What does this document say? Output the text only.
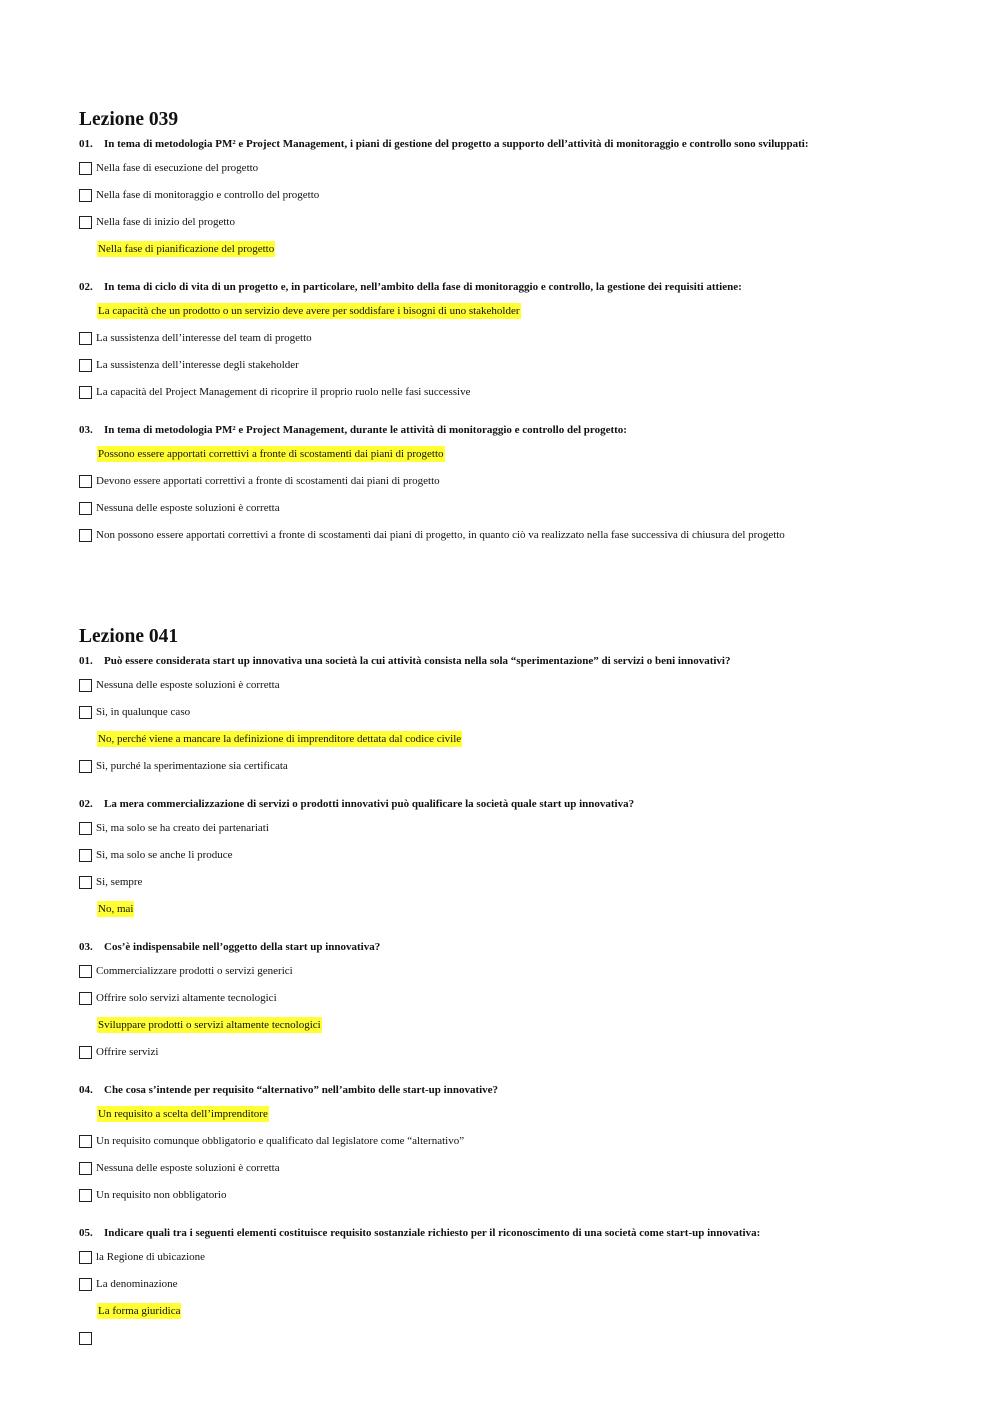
Lezione 039

01. In tema di metodologia PM² e Project Management, i piani di gestione del progetto a supporto dell’attività di monitoraggio e controllo sono sviluppati:

Nella fase di esecuzione del progetto
Nella fase di monitoraggio e controllo del progetto
Nella fase di inizio del progetto
Nella fase di pianificazione del progetto

02. In tema di ciclo di vita di un progetto e, in particolare, nell’ambito della fase di monitoraggio e controllo, la gestione dei requisiti attiene:

La capacità che un prodotto o un servizio deve avere per soddisfare i bisogni di uno stakeholder
La sussistenza dell’interesse del team di progetto
La sussistenza dell’interesse degli stakeholder
La capacità del Project Management di ricoprire il proprio ruolo nelle fasi successive

03. In tema di metodologia PM² e Project Management, durante le attività di monitoraggio e controllo del progetto:

Possono essere apportati correttivi a fronte di scostamenti dai piani di progetto
Devono essere apportati correttivi a fronte di scostamenti dai piani di progetto
Nessuna delle esposte soluzioni è corretta
Non possono essere apportati correttivi a fronte di scostamenti dai piani di progetto, in quanto ciò va realizzato nella fase successiva di chiusura del progetto
Lezione 041

01. Può essere considerata start up innovativa una società la cui attività consista nella sola “sperimentazione” di servizi o beni innovativi?

Nessuna delle esposte soluzioni è corretta
Sì, in qualunque caso
No, perché viene a mancare la definizione di imprenditore dettata dal codice civile
Sì, purché la sperimentazione sia certificata

02. La mera commercializzazione di servizi o prodotti innovativi può qualificare la società quale start up innovativa?

Sì, ma solo se ha creato dei partenariati
Sì, ma solo se anche li produce
Si, sempre
No, mai

03. Cos’è indispensabile nell’oggetto della start up innovativa?

Commercializzare prodotti o servizi generici
Offrire solo servizi altamente tecnologici
Sviluppare prodotti o servizi altamente tecnologici
Offrire servizi

04. Che cosa s’intende per requisito “alternativo” nell’ambito delle start-up innovative?

Un requisito a scelta dell’imprenditore
Un requisito comunque obbligatorio e qualificato dal legislatore come “alternativo”
Nessuna delle esposte soluzioni è corretta
Un requisito non obbligatorio

05. Indicare quali tra i seguenti elementi costituisce requisito sostanziale richiesto per il riconoscimento di una società come start-up innovativa:

la Regione di ubicazione
La denominazione
La forma giuridica
